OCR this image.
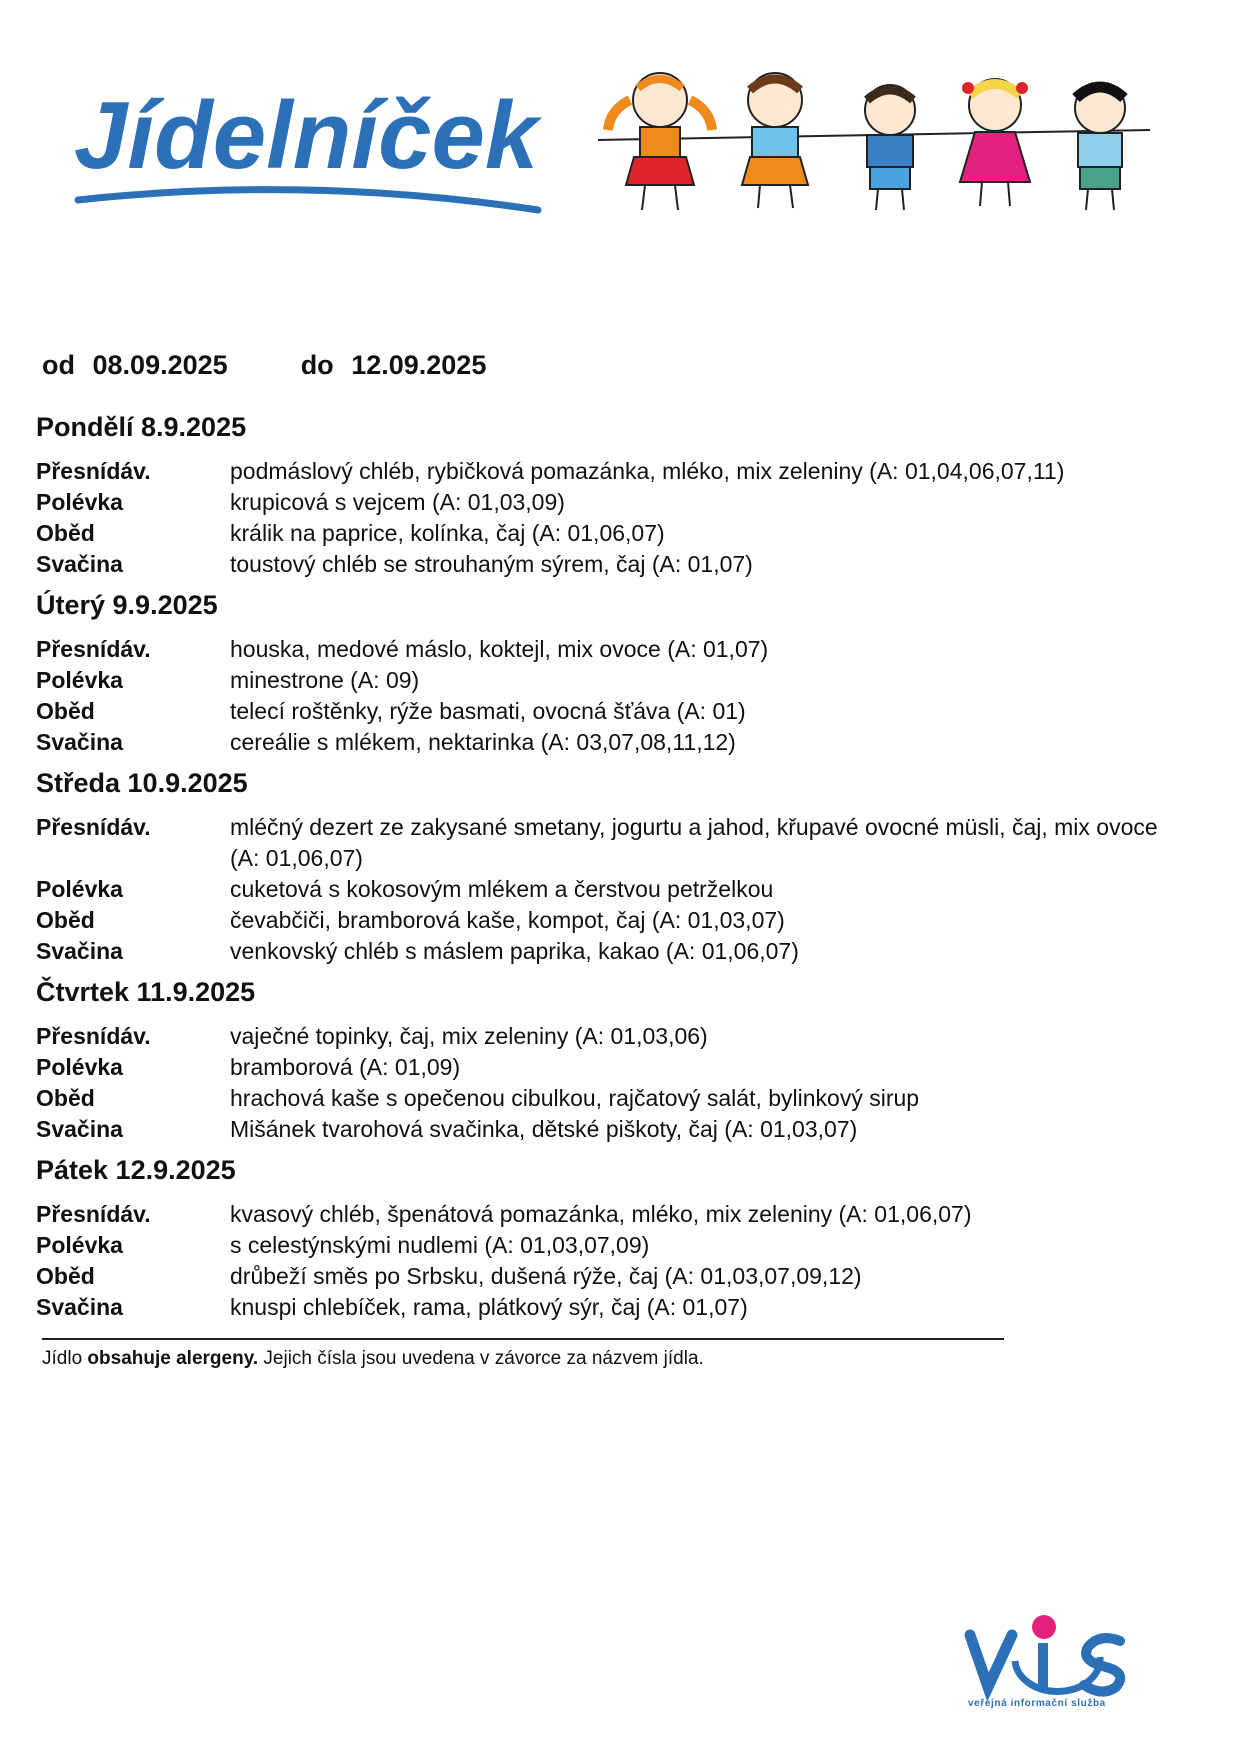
Jídelníček
od 08.09.2025	do 12.09.2025
Pondělí 8.9.2025
Přesnídáv.	podmáslový chléb, rybičková pomazánka, mléko, mix zeleniny (A: 01,04,06,07,11)
Polévka	krupicová s vejcem (A: 01,03,09)
Oběd	králik na paprice, kolínka, čaj (A: 01,06,07)
Svačina	toustový chléb se strouhaným sýrem, čaj (A: 01,07)
Úterý 9.9.2025
Přesnídáv.	houska, medové máslo, koktejl, mix ovoce (A: 01,07)
Polévka	minestrone (A: 09)
Oběd	telecí roštěnky, rýže basmati, ovocná šťáva (A: 01)
Svačina	cereálie s mlékem, nektarinka (A: 03,07,08,11,12)
Středa 10.9.2025
Přesnídáv.	mléčný dezert ze zakysané smetany, jogurtu a jahod, křupavé ovocné müsli, čaj, mix ovoce (A: 01,06,07)
Polévka	cuketová s kokosovým mlékem a čerstvou petrželkou
Oběd	čevabčiči, bramborová kaše, kompot, čaj (A: 01,03,07)
Svačina	venkovský chléb s máslem paprika, kakao (A: 01,06,07)
Čtvrtek 11.9.2025
Přesnídáv.	vaječné topinky, čaj, mix zeleniny (A: 01,03,06)
Polévka	bramborová (A: 01,09)
Oběd	hrachová kaše s opečenou cibulkou, rajčatový salát, bylinkový sirup
Svačina	Mišánek tvarohová svačinka, dětské piškoty, čaj (A: 01,03,07)
Pátek 12.9.2025
Přesnídáv.	kvasový chléb, špenátová pomazánka, mléko, mix zeleniny (A: 01,06,07)
Polévka	s celestýnskými nudlemi (A: 01,03,07,09)
Oběd	drůbeží směs po Srbsku, dušená rýže, čaj (A: 01,03,07,09,12)
Svačina	knuspi chlebíček, rama, plátkový sýr, čaj (A: 01,07)
Jídlo obsahuje alergeny. Jejich čísla jsou uvedena v závorce za názvem jídla.
veřejná informační služba
